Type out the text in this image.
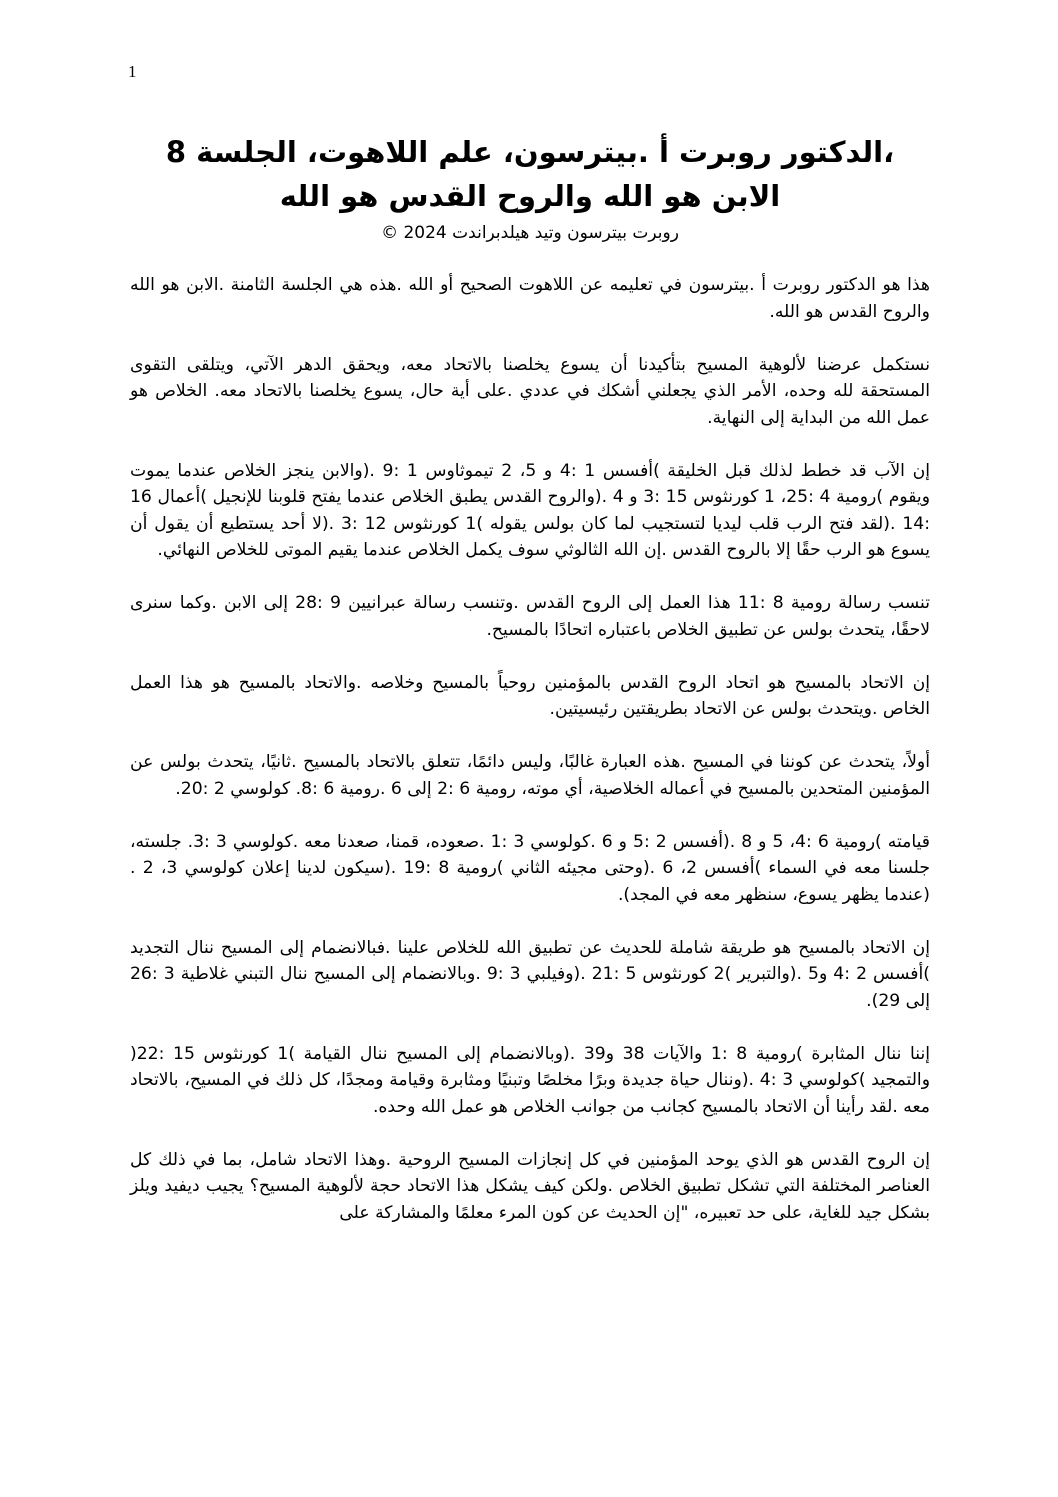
1
،الدكتور روبرت أ .بيترسون، علم اللاهوت، الجلسة 8
الابن هو الله والروح القدس هو الله
روبرت بيترسون وتيد هيلدبراندت 2024 ©

هذا هو الدكتور روبرت أ .بيترسون في تعليمه عن اللاهوت الصحيح أو الله .هذه هي الجلسة الثامنة .الابن هو الله والروح القدس هو الله.

نستكمل عرضنا لألوهية المسيح بتأكيدنا أن يسوع يخلصنا بالاتحاد معه، ويحقق الدهر الآتي، ويتلقى التقوى المستحقة لله وحده، الأمر الذي يجعلني أشكك في عددي .على أية حال، يسوع يخلصنا بالاتحاد معه. الخلاص هو عمل الله من البداية إلى النهاية.

إن الآب قد خطط لذلك قبل الخليقة )أفسس 1 :4 و 5، 2 تيموثاوس 1 :9 .(والابن ينجز الخلاص عندما يموت ويقوم )رومية 4 :25، 1 كورنثوس 15 :3 و 4 .(والروح القدس يطبق الخلاص عندما يفتح قلوبنا للإنجيل )أعمال 16 :14 .(لقد فتح الرب قلب ليديا لتستجيب لما كان بولس يقوله )1 كورنثوس 12 :3 .(لا أحد يستطيع أن يقول أن يسوع هو الرب حقًا إلا بالروح القدس .إن الله الثالوثي سوف يكمل الخلاص عندما يقيم الموتى للخلاص النهائي.

تنسب رسالة رومية 8 :11 هذا العمل إلى الروح القدس .وتنسب رسالة عبرانيين 9 :28 إلى الابن .وكما سنرى لاحقًا، يتحدث بولس عن تطبيق الخلاص باعتباره اتحادًا بالمسيح.

إن الاتحاد بالمسيح هو اتحاد الروح القدس بالمؤمنين روحياً بالمسيح وخلاصه .والاتحاد بالمسيح هو هذا العمل الخاص .ويتحدث بولس عن الاتحاد بطريقتين رئيسيتين.

أولاً، يتحدث عن كوننا في المسيح .هذه العبارة غالبًا، وليس دائمًا، تتعلق بالاتحاد بالمسيح .ثانيًا، يتحدث بولس عن المؤمنين المتحدين بالمسيح في أعماله الخلاصية، أي موته، رومية 6 :2 إلى 6 .رومية 6 :8. كولوسي 2 :20.

قيامته )رومية 6 :4، 5 و 8 .(أفسس 2 :5 و 6 .كولوسي 3 :1 .صعوده، قمنا، صعدنا معه .كولوسي 3 :3. جلسته، جلسنا معه في السماء )أفسس 2، 6 .(وحتى مجيئه الثاني )رومية 8 :19 .(سيكون لدينا إعلان كولوسي 3، 2 .(عندما يظهر يسوع، سنظهر معه في المجد).

إن الاتحاد بالمسيح هو طريقة شاملة للحديث عن تطبيق الله للخلاص علينا .فبالانضمام إلى المسيح ننال التجديد )أفسس 2 :4 و5 .(والتبرير )2 كورنثوس 5 :21 .(وفيلبي 3 :9 .وبالانضمام إلى المسيح ننال التبني غلاطية 3 :26 إلى 29).

إننا ننال المثابرة )رومية 8 :1 والآيات 38 و39 .(وبالانضمام إلى المسيح ننال القيامة )1 كورنثوس 15 :22( والتمجيد )كولوسي 3 :4 .(وننال حياة جديدة وبرًا مخلصًا وتبنيًا ومثابرة وقيامة ومجدًا، كل ذلك في المسيح، بالاتحاد معه .لقد رأينا أن الاتحاد بالمسيح كجانب من جوانب الخلاص هو عمل الله وحده.

إن الروح القدس هو الذي يوحد المؤمنين في كل إنجازات المسيح الروحية .وهذا الاتحاد شامل، بما في ذلك كل العناصر المختلفة التي تشكل تطبيق الخلاص .ولكن كيف يشكل هذا الاتحاد حجة لألوهية المسيح؟ يجيب ديفيد ويلز بشكل جيد للغاية، على حد تعبيره، "إن الحديث عن كون المرء معلمًا والمشاركة على
